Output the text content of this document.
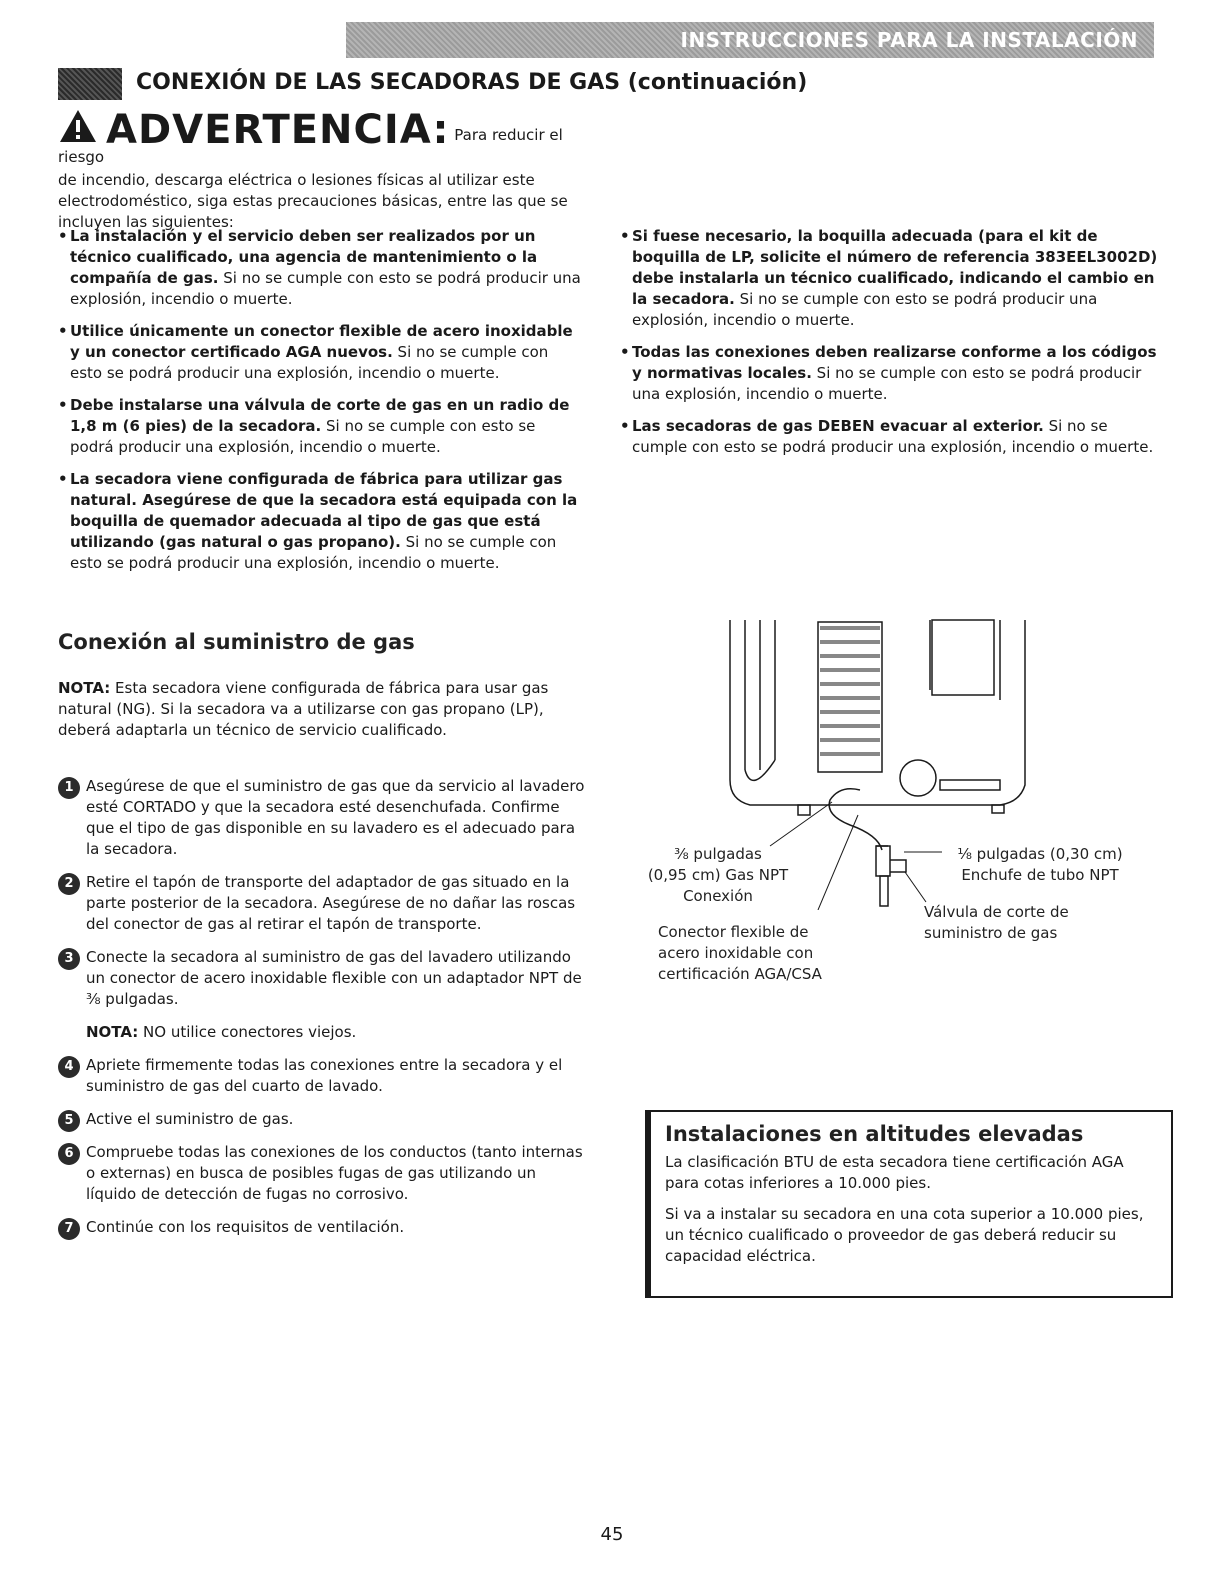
INSTRUCCIONES PARA LA INSTALACIÓN
CONEXIÓN DE LAS SECADORAS DE GAS (continuación)
ADVERTENCIA: Para reducir el riesgo
de incendio, descarga eléctrica o lesiones físicas al utilizar este electrodoméstico, siga estas precauciones básicas, entre las que se incluyen las siguientes:
• La instalación y el servicio deben ser realizados por un técnico cualificado, una agencia de mantenimiento o la compañía de gas. Si no se cumple con esto se podrá producir una explosión, incendio o muerte.
• Utilice únicamente un conector flexible de acero inoxidable y un conector certificado AGA nuevos. Si no se cumple con esto se podrá producir una explosión, incendio o muerte.
• Debe instalarse una válvula de corte de gas en un radio de 1,8 m (6 pies) de la secadora. Si no se cumple con esto se podrá producir una explosión, incendio o muerte.
• La secadora viene configurada de fábrica para utilizar gas natural. Asegúrese de que la secadora está equipada con la boquilla de quemador adecuada al tipo de gas que está utilizando (gas natural o gas propano). Si no se cumple con esto se podrá producir una explosión, incendio o muerte.
• Si fuese necesario, la boquilla adecuada (para el kit de boquilla de LP, solicite el número de referencia 383EEL3002D) debe instalarla un técnico cualificado, indicando el cambio en la secadora. Si no se cumple con esto se podrá producir una explosión, incendio o muerte.
• Todas las conexiones deben realizarse conforme a los códigos y normativas locales. Si no se cumple con esto se podrá producir una explosión, incendio o muerte.
• Las secadoras de gas DEBEN evacuar al exterior. Si no se cumple con esto se podrá producir una explosión, incendio o muerte.
Conexión al suministro de gas
NOTA: Esta secadora viene configurada de fábrica para usar gas natural (NG). Si la secadora va a utilizarse con gas propano (LP), deberá adaptarla un técnico de servicio cualificado.
1 Asegúrese de que el suministro de gas que da servicio al lavadero esté CORTADO y que la secadora esté desenchufada. Confirme que el tipo de gas disponible en su lavadero es el adecuado para la secadora.
2 Retire el tapón de transporte del adaptador de gas situado en la parte posterior de la secadora. Asegúrese de no dañar las roscas del conector de gas al retirar el tapón de transporte.
3 Conecte la secadora al suministro de gas del lavadero utilizando un conector de acero inoxidable flexible con un adaptador NPT de ⅜ pulgadas.
NOTA: NO utilice conectores viejos.
4 Apriete firmemente todas las conexiones entre la secadora y el suministro de gas del cuarto de lavado.
5 Active el suministro de gas.
6 Compruebe todas las conexiones de los conductos (tanto internas o externas) en busca de posibles fugas de gas utilizando un líquido de detección de fugas no corrosivo.
7 Continúe con los requisitos de ventilación.
⅜ pulgadas
(0,95 cm) Gas NPT
Conexión
Conector flexible de
acero inoxidable con
certificación AGA/CSA
⅛ pulgadas (0,30 cm)
Enchufe de tubo NPT
Válvula de corte de
suministro de gas
Instalaciones en altitudes elevadas

La clasificación BTU de esta secadora tiene certificación AGA para cotas inferiores a 10.000 pies.

Si va a instalar su secadora en una cota superior a 10.000 pies, un técnico cualificado o proveedor de gas deberá reducir su capacidad eléctrica.

45
